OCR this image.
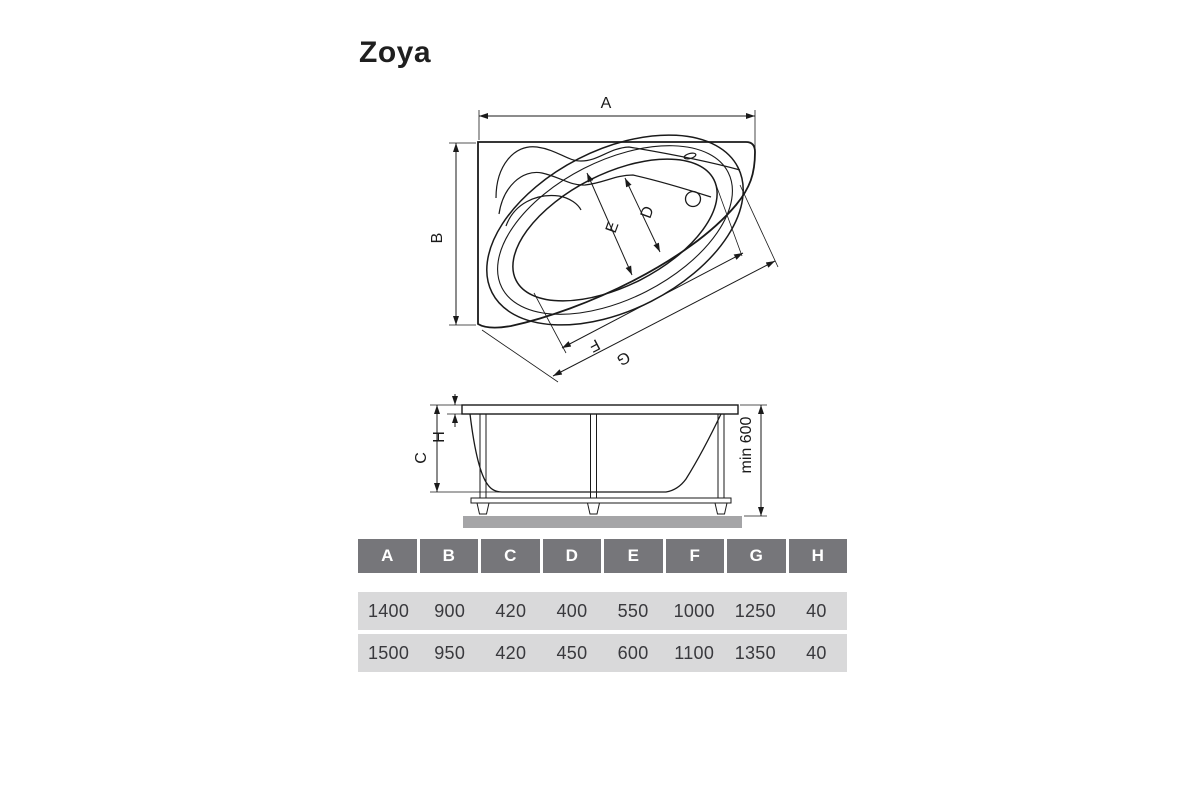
Zoya
A
B
E
D
F
G
H
C	min 600
A	B	C	D	E	F	G	H
1400	900	420	400	550	1000	1250	40
1500	950	420	450	600	1100	1350	40
